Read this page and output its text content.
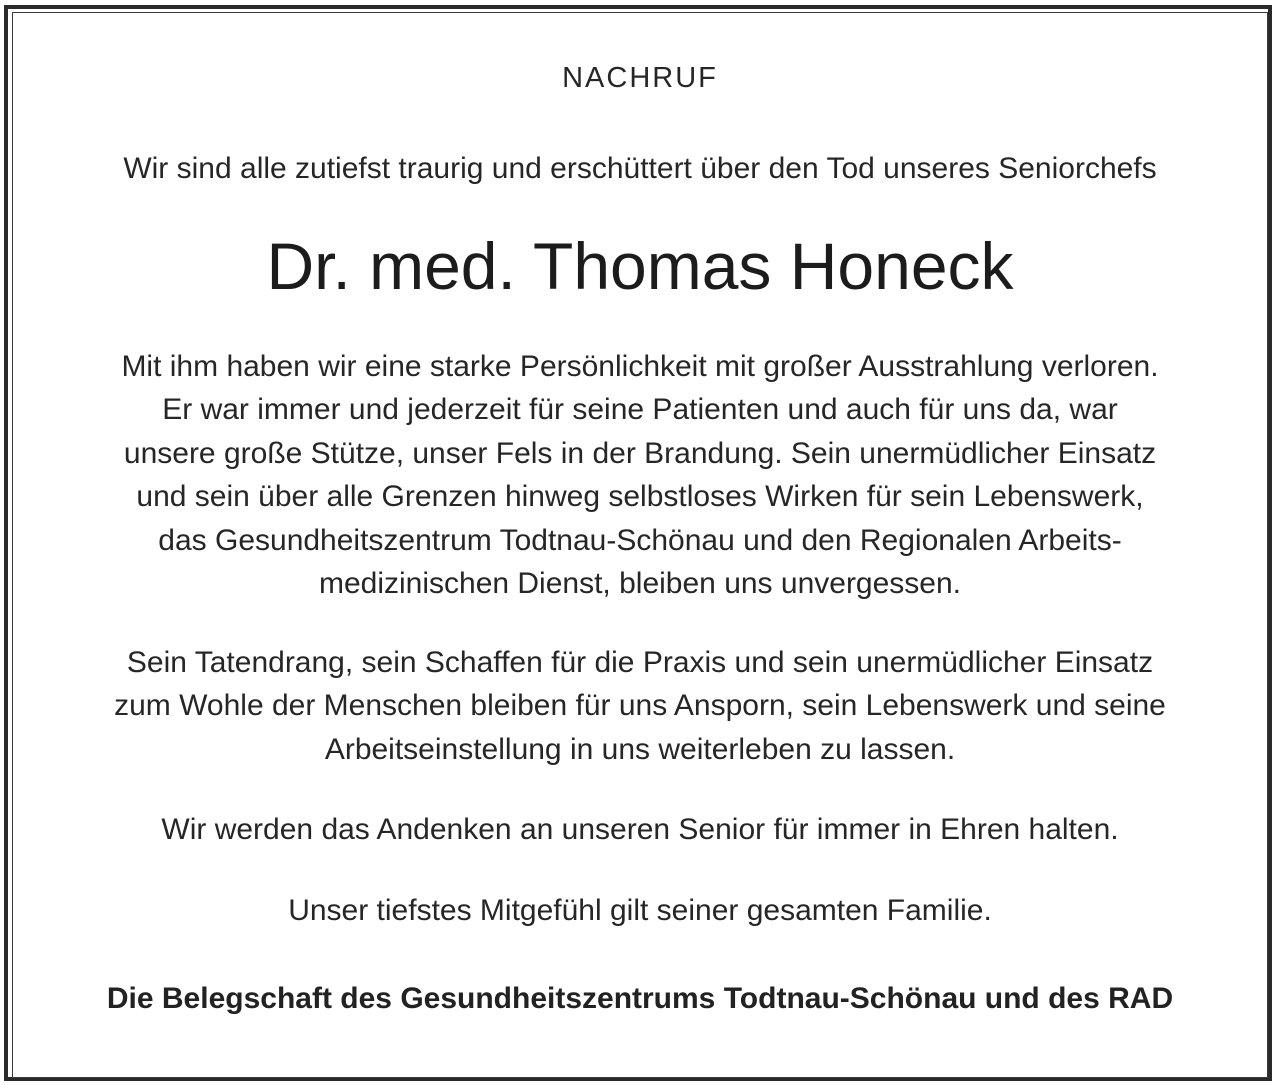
NACHRUF
Wir sind alle zutiefst traurig und erschüttert über den Tod unseres Seniorchefs
Dr. med. Thomas Honeck
Mit ihm haben wir eine starke Persönlichkeit mit großer Ausstrahlung verloren.
Er war immer und jederzeit für seine Patienten und auch für uns da, war
unsere große Stütze, unser Fels in der Brandung. Sein unermüdlicher Einsatz
und sein über alle Grenzen hinweg selbstloses Wirken für sein Lebenswerk,
das Gesundheitszentrum Todtnau-Schönau und den Regionalen Arbeits-
medizinischen Dienst, bleiben uns unvergessen.
Sein Tatendrang, sein Schaffen für die Praxis und sein unermüdlicher Einsatz
zum Wohle der Menschen bleiben für uns Ansporn, sein Lebenswerk und seine
Arbeitseinstellung in uns weiterleben zu lassen.
Wir werden das Andenken an unseren Senior für immer in Ehren halten.
Unser tiefstes Mitgefühl gilt seiner gesamten Familie.
Die Belegschaft des Gesundheitszentrums Todtnau-Schönau und des RAD
